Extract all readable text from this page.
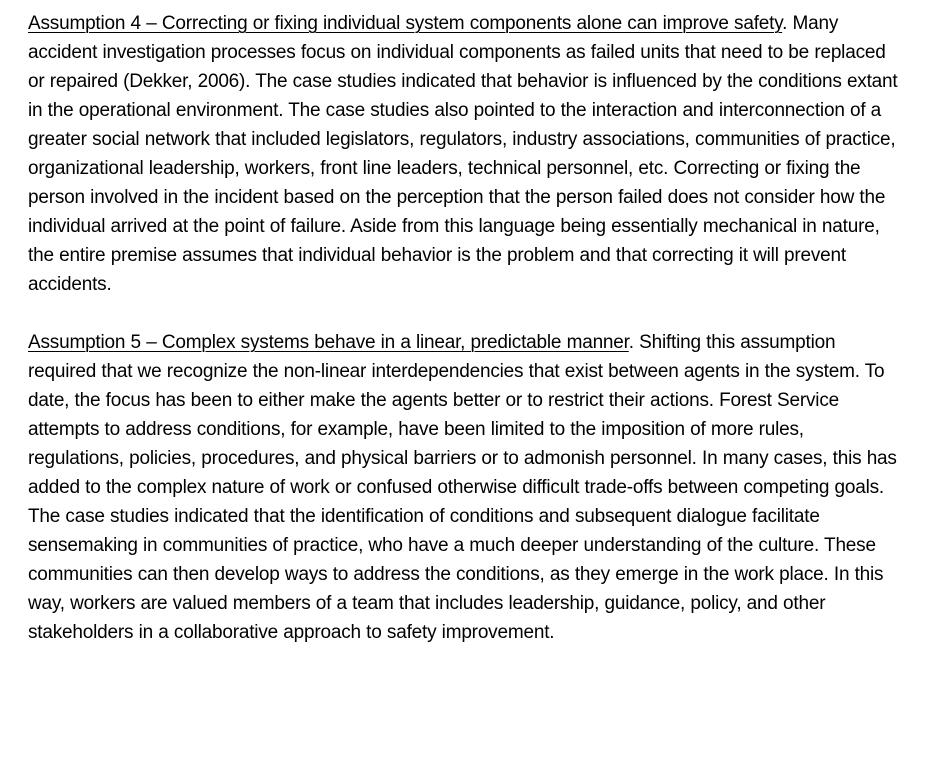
Assumption 4 – Correcting or fixing individual system components alone can improve safety. Many accident investigation processes focus on individual components as failed units that need to be replaced or repaired (Dekker, 2006). The case studies indicated that behavior is influenced by the conditions extant in the operational environment. The case studies also pointed to the interaction and interconnection of a greater social network that included legislators, regulators, industry associations, communities of practice, organizational leadership, workers, front line leaders, technical personnel, etc. Correcting or fixing the person involved in the incident based on the perception that the person failed does not consider how the individual arrived at the point of failure. Aside from this language being essentially mechanical in nature, the entire premise assumes that individual behavior is the problem and that correcting it will prevent accidents.

Assumption 5 – Complex systems behave in a linear, predictable manner. Shifting this assumption required that we recognize the non-linear interdependencies that exist between agents in the system. To date, the focus has been to either make the agents better or to restrict their actions. Forest Service attempts to address conditions, for example, have been limited to the imposition of more rules, regulations, policies, procedures, and physical barriers or to admonish personnel. In many cases, this has added to the complex nature of work or confused otherwise difficult trade-offs between competing goals. The case studies indicated that the identification of conditions and subsequent dialogue facilitate sensemaking in communities of practice, who have a much deeper understanding of the culture. These communities can then develop ways to address the conditions, as they emerge in the work place. In this way, workers are valued members of a team that includes leadership, guidance, policy, and other stakeholders in a collaborative approach to safety improvement.
